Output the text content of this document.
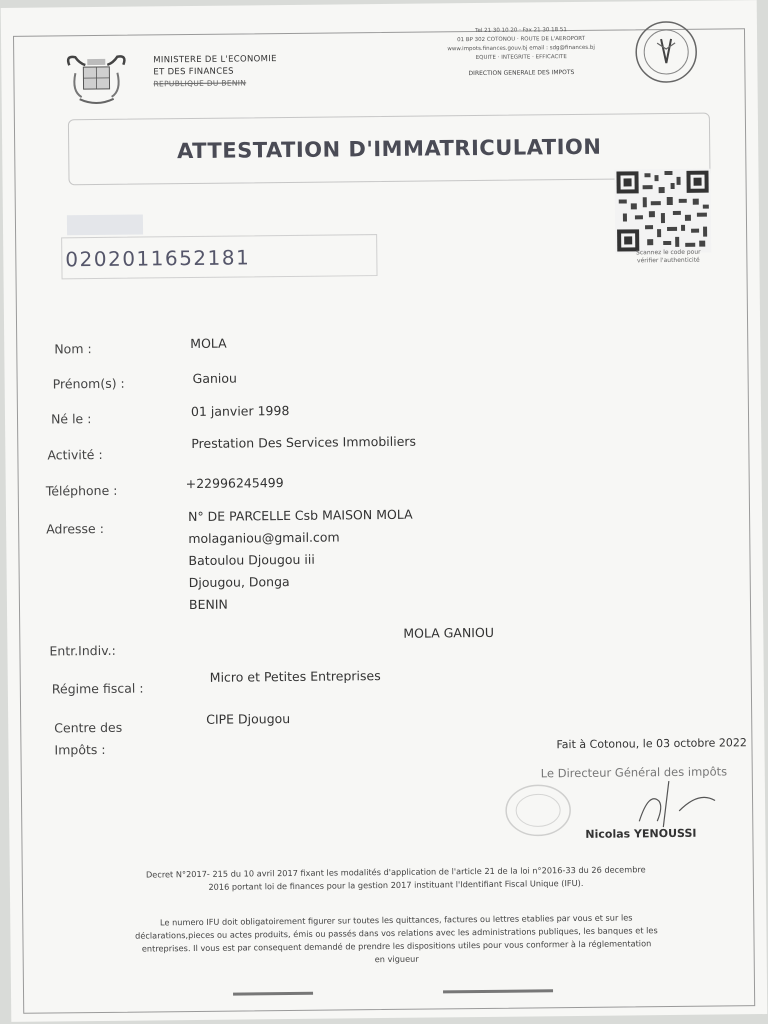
MINISTERE DE L'ECONOMIE
ET DES FINANCES
REPUBLIQUE DU BENIN
Tel 21 30 10 20 · Fax 21 30 18 51
01 BP 302 COTONOU · ROUTE DE L'AEROPORT
www.impots.finances.gouv.bj email : sdg@finances.bj
EQUITE · INTEGRITE · EFFICACITE
DIRECTION GENERALE DES IMPOTS
ATTESTATION D'IMMATRICULATION
0202011652181	Scannez le code pour
vérifier l'authenticité
Nom :	MOLA
Prénom(s) :	Ganiou
Né le :	01 janvier 1998
Activité :
Prestation Des Services Immobiliers
Téléphone :	+22996245499
Adresse :
N° DE PARCELLE Csb MAISON MOLA
molaganiou@gmail.com
Batoulou Djougou iii
Djougou, Donga
BENIN
Entr.Indiv.:
MOLA GANIOU
Régime fiscal :
Micro et Petites Entreprises
Centre des
Impôts :
CIPE Djougou
Fait à Cotonou, le 03 octobre 2022
Le Directeur Général des impôts
Nicolas YENOUSSI
Decret N°2017- 215 du 10 avril 2017 fixant les modalités d'application de l'article 21 de la loi n°2016-33 du 26 decembre
2016 portant loi de finances pour la gestion 2017 instituant l'Identifiant Fiscal Unique (IFU).
Le numero IFU doit obligatoirement figurer sur toutes les quittances, factures ou lettres etablies par vous et sur les
déclarations,pieces ou actes produits, émis ou passés dans vos relations avec les administrations publiques, les banques et les
entreprises. Il vous est par consequent demandé de prendre les dispositions utiles pour vous conformer à la réglementation
en vigueur
